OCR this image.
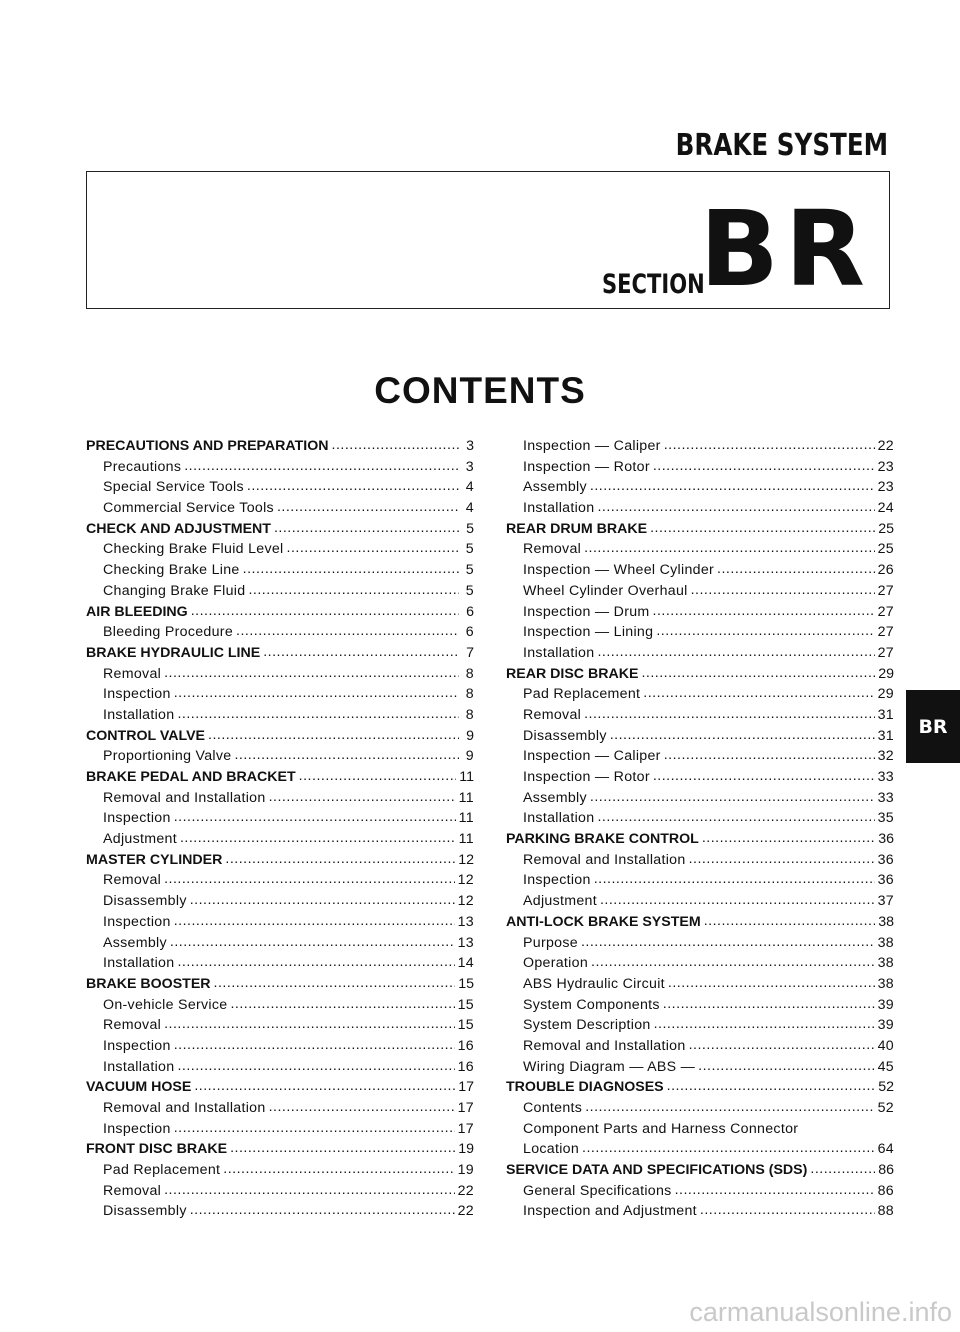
BRAKE SYSTEM
SECTION
BR
CONTENTS
PRECAUTIONS AND PREPARATION .....	3
Precautions .....	3
Special Service Tools .....	4
Commercial Service Tools .....	4
CHECK AND ADJUSTMENT .....	5
Checking Brake Fluid Level .....	5
Checking Brake Line .....	5
Changing Brake Fluid .....	5
AIR BLEEDING .....	6
Bleeding Procedure .....	6
BRAKE HYDRAULIC LINE .....	7
Removal .....	8
Inspection .....	8
Installation .....	8
CONTROL VALVE .....	9
Proportioning Valve .....	9
BRAKE PEDAL AND BRACKET .....	11
Removal and Installation .....	11
Inspection .....	11
Adjustment .....	11
MASTER CYLINDER .....	12
Removal .....	12
Disassembly .....	12
Inspection .....	13
Assembly .....	13
Installation .....	14
BRAKE BOOSTER .....	15
On-vehicle Service .....	15
Removal .....	15
Inspection .....	16
Installation .....	16
VACUUM HOSE .....	17
Removal and Installation .....	17
Inspection .....	17
FRONT DISC BRAKE .....	19
Pad Replacement .....	19
Removal .....	22
Disassembly .....	22
Inspection — Caliper .....	22
Inspection — Rotor .....	23
Assembly .....	23
Installation .....	24
REAR DRUM BRAKE .....	25
Removal .....	25
Inspection — Wheel Cylinder .....	26
Wheel Cylinder Overhaul .....	27
Inspection — Drum .....	27
Inspection — Lining .....	27
Installation .....	27
REAR DISC BRAKE .....	29
Pad Replacement .....	29
Removal .....	31
Disassembly .....	31
Inspection — Caliper .....	32
Inspection — Rotor .....	33
Assembly .....	33
Installation .....	35
PARKING BRAKE CONTROL .....	36
Removal and Installation .....	36
Inspection .....	36
Adjustment .....	37
ANTI-LOCK BRAKE SYSTEM .....	38
Purpose .....	38
Operation .....	38
ABS Hydraulic Circuit .....	38
System Components .....	39
System Description .....	39
Removal and Installation .....	40
Wiring Diagram — ABS — .....	45
TROUBLE DIAGNOSES .....	52
Contents .....	52
Component Parts and Harness Connector
Location .....	64
SERVICE DATA AND SPECIFICATIONS (SDS) .....	86
General Specifications .....	86
Inspection and Adjustment .....	88
BR
carmanualsonline.info
